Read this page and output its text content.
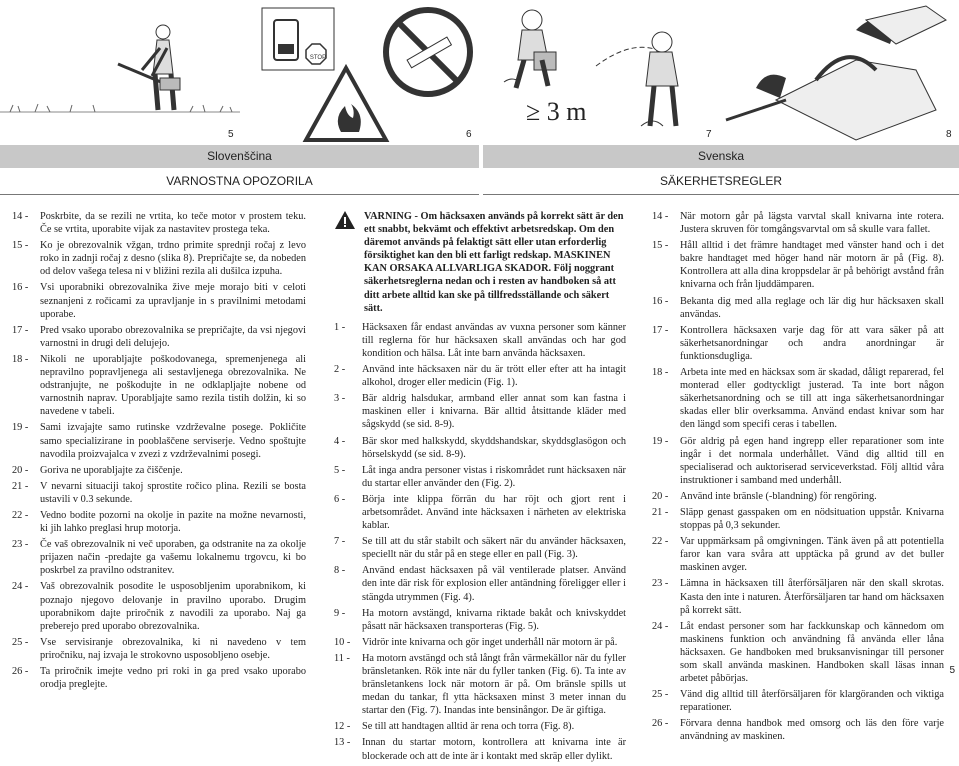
5
STOP
6
≥ 3 m
7	8
Slovenščina	Svenska
VARNOSTNA OPOZORILA	SÄKERHETSREGLER
14 -	Poskrbite, da se rezili ne vrtita, ko teče motor v prostem teku. Če se vrtita, uporabite vijak za nastavitev prostega teka.
15 -	Ko je obrezovalnik vžgan, trdno primite sprednji ročaj z levo roko in zadnji ročaj z desno (slika 8). Prepričajte se, da nobeden od delov vašega telesa ni v bližini rezila ali dušilca izpuha.
16 -	Vsi uporabniki obrezovalnika žive meje morajo biti v celoti seznanjeni z ročicami za upravljanje in s pravilnimi metodami uporabe.
17 -	Pred vsako uporabo obrezovalnika se prepričajte, da vsi njegovi varnostni in drugi deli delujejo.
18 -	Nikoli ne uporabljajte poškodovanega, spremenjenega ali nepravilno popravljenega ali sestavljenega obrezovalnika. Ne odstranjujte, ne poškodujte in ne odklapljajte nobene od varnostnih naprav. Uporabljajte samo rezila tistih dolžin, ki so navedene v tabeli.
19 -	Sami izvajajte samo rutinske vzdrževalne posege. Pokličite samo specializirane in pooblaščene serviserje. Vedno spoštujte navodila proizvajalca v zvezi z vzdrževalnimi posegi.
20 -	Goriva ne uporabljajte za čiščenje.
21 -	V nevarni situaciji takoj sprostite ročico plina. Rezili se bosta ustavili v 0.3 sekunde.
22 -	Vedno bodite pozorni na okolje in pazite na možne nevarnosti, ki jih lahko preglasi hrup motorja.
23 -	Če vaš obrezovalnik ni več uporaben, ga odstranite na za okolje prijazen način -predajte ga vašemu lokalnemu trgovcu, ki bo poskrbel za pravilno odstranitev.
24 -	Vaš obrezovalnik posodite le usposobljenim uporabnikom, ki poznajo njegovo delovanje in pravilno uporabo. Drugim uporabnikom dajte priročnik z navodili za uporabo. Naj ga preberejo pred uporabo obrezovalnika.
25 -	Vse servisiranje obrezovalnika, ki ni navedeno v tem priročniku, naj izvaja le strokovno usposobljeno osebje.
26 -	Ta priročnik imejte vedno pri roki in ga pred vsako uporabo orodja preglejte.
VARNING - Om häcksaxen används på korrekt sätt är den ett snabbt, bekvämt och effektivt arbetsredskap. Om den däremot används på felaktigt sätt eller utan erforderlig försiktighet kan den bli ett farligt redskap. MASKINEN KAN ORSAKA ALLVARLIGA SKADOR. Följ noggrant säkerhetsreglerna nedan och i resten av handboken så att ditt arbete alltid kan ske på tillfredsställande och säkert sätt.
1 -	Häcksaxen får endast användas av vuxna personer som känner till reglerna för hur häcksaxen skall användas och har god kondition och hälsa. Låt inte barn använda häcksaxen.
2 -	Använd inte häcksaxen när du är trött eller efter att ha intagit alkohol, droger eller medicin (Fig. 1).
3 -	Bär aldrig halsdukar, armband eller annat som kan fastna i maskinen eller i knivarna. Bär alltid åtsittande kläder med sågskydd (se sid. 8-9).
4 -	Bär skor med halkskydd, skyddshandskar, skyddsglasögon och hörselskydd (se sid. 8-9).
5 -	Låt inga andra personer vistas i riskområdet runt häcksaxen när du startar eller använder den (Fig. 2).
6 -	Börja inte klippa förrän du har röjt och gjort rent i arbetsområdet. Använd inte häcksaxen i närheten av elektriska kablar.
7 -	Se till att du står stabilt och säkert när du använder häcksaxen, speciellt när du står på en stege eller en pall (Fig. 3).
8 -	Använd endast häcksaxen på väl ventilerade platser. Använd den inte där risk för explosion eller antändning föreligger eller i stängda utrymmen (Fig. 4).
9 -	Ha motorn avstängd, knivarna riktade bakåt och knivskyddet påsatt när häcksaxen transporteras (Fig. 5).
10 -	Vidrör inte knivarna och gör inget underhåll när motorn är på.
11 -	Ha motorn avstängd och stå långt från värmekällor när du fyller bränsletanken. Rök inte när du fyller tanken (Fig. 6). Ta inte av bränsletankens lock när motorn är på. Om bränsle spills ut medan du tankar, fl ytta häcksaxen minst 3 meter innan du startar den (Fig. 7). Inandas inte bensinångor. De är giftiga.
12 -	Se till att handtagen alltid är rena och torra (Fig. 8).
13 -	Innan du startar motorn, kontrollera att knivarna inte är blockerade och att de inte är i kontakt med skräp eller dylikt.
14 -	När motorn går på lägsta varvtal skall knivarna inte rotera. Justera skruven för tomgångsvarvtal om så skulle vara fallet.
15 -	Håll alltid i det främre handtaget med vänster hand och i det bakre handtaget med höger hand när motorn är på (Fig. 8). Kontrollera att alla dina kroppsdelar är på behörigt avstånd från knivarna och från ljuddämparen.
16 -	Bekanta dig med alla reglage och lär dig hur häcksaxen skall användas.
17 -	Kontrollera häcksaxen varje dag för att vara säker på att säkerhetsanordningar och andra anordningar är funktionsdugliga.
18 -	Arbeta inte med en häcksax som är skadad, dåligt reparerad, fel monterad eller godtyckligt justerad. Ta inte bort någon säkerhetsanordning och se till att inga säkerhetsanordningar skadas eller blir overksamma. Använd endast knivar som har den längd som specifi ceras i tabellen.
19 -	Gör aldrig på egen hand ingrepp eller reparationer som inte ingår i det normala underhållet. Vänd dig alltid till en specialiserad och auktoriserad serviceverkstad. Följ alltid våra instruktioner i samband med underhåll.
20 -	Använd inte bränsle (-blandning) för rengöring.
21 -	Släpp genast gasspaken om en nödsituation uppstår. Knivarna stoppas på 0,3 sekunder.
22 -	Var uppmärksam på omgivningen. Tänk även på att potentiella faror kan vara svåra att upptäcka på grund av det buller maskinen avger.
23 -	Lämna in häcksaxen till återförsäljaren när den skall skrotas. Kasta den inte i naturen. Återförsäljaren tar hand om häcksaxen på korrekt sätt.
24 -	Låt endast personer som har fackkunskap och kännedom om maskinens funktion och användning få använda eller låna häcksaxen. Ge handboken med bruksanvisningar till personer som skall använda maskinen. Handboken skall läsas innan arbetet påbörjas.
25 -	Vänd dig alltid till återförsäljaren för klargöranden och viktiga reparationer.
26 -	Förvara denna handbok med omsorg och läs den före varje användning av maskinen.
5
